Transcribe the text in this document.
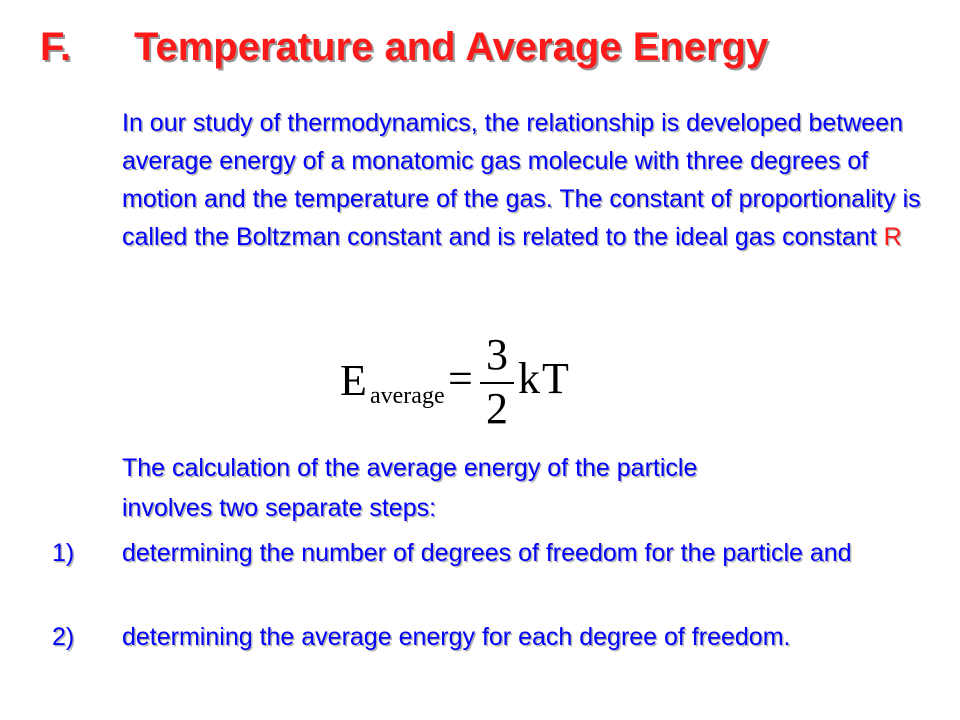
F. Temperature and Average Energy
In our study of thermodynamics, the relationship is developed between average energy of a monatomic gas molecule with three degrees of motion and the temperature of the gas. The constant of proportionality is called the Boltzman constant and is related to the ideal gas constant R
E average = 3
2
k T
The calculation of the average energy of the particle
involves two separate steps:
1)	determining the number of degrees of freedom for the particle and
2)	determining the average energy for each degree of freedom.
